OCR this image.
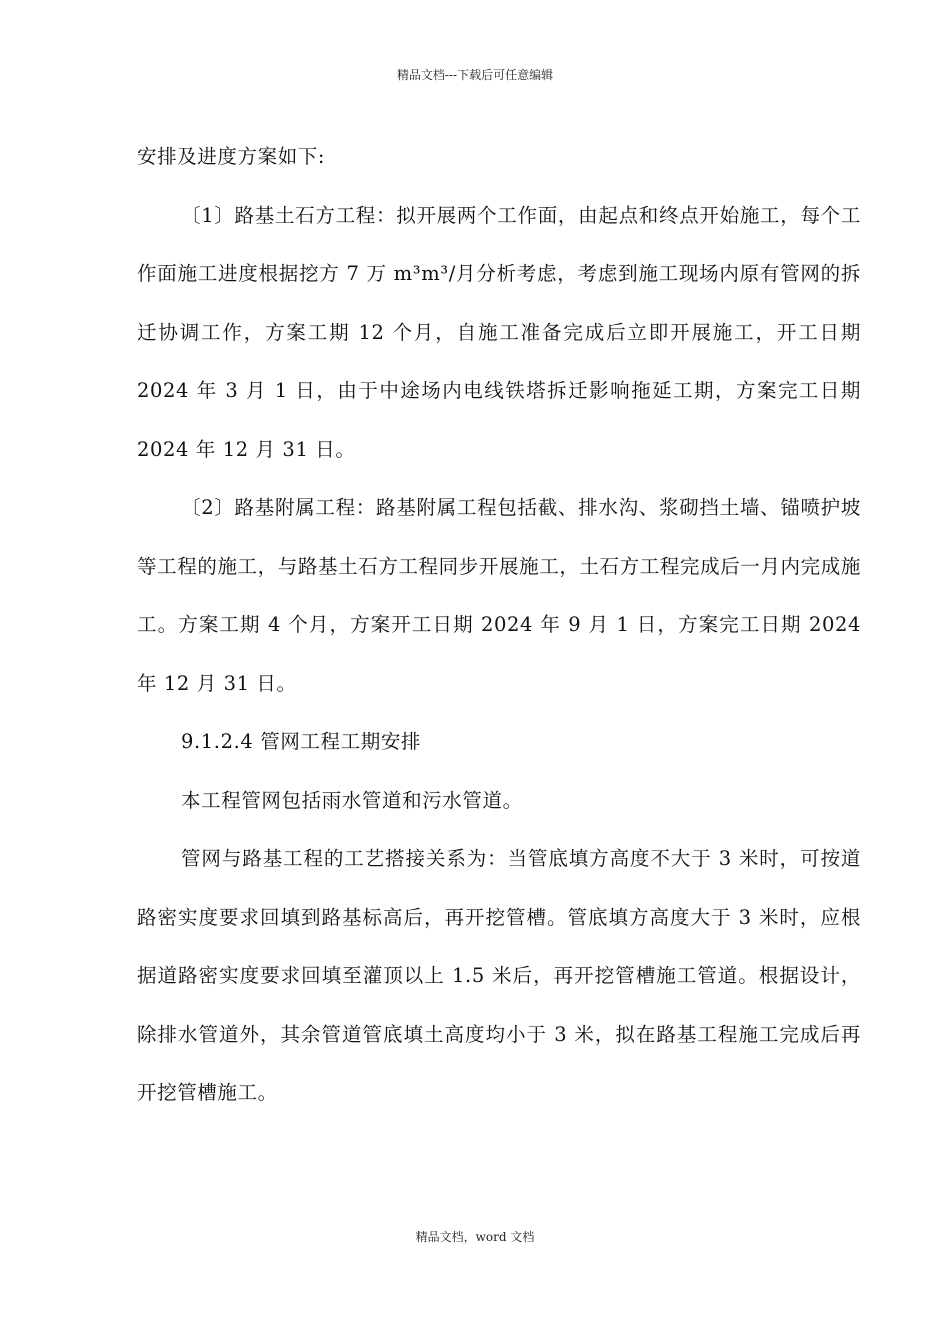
精品文档---下载后可任意编辑

安排及进度方案如下:

〔1〕路基土石方工程：拟开展两个工作面，由起点和终点开始施工，每个工作面施工进度根据挖方 7 万 m³m³/月分析考虑，考虑到施工现场内原有管网的拆迁协调工作，方案工期 12 个月，自施工准备完成后立即开展施工，开工日期 2024 年 3 月 1 日，由于中途场内电线铁塔拆迁影响拖延工期，方案完工日期 2024 年 12 月 31 日。

〔2〕路基附属工程：路基附属工程包括截、排水沟、浆砌挡土墙、锚喷护坡等工程的施工，与路基土石方工程同步开展施工，土石方工程完成后一月内完成施工。方案工期 4 个月，方案开工日期 2024 年 9 月 1 日，方案完工日期 2024 年 12 月 31 日。

9.1.2.4 管网工程工期安排

本工程管网包括雨水管道和污水管道。

管网与路基工程的工艺搭接关系为：当管底填方高度不大于 3 米时，可按道路密实度要求回填到路基标高后，再开挖管槽。管底填方高度大于 3 米时，应根据道路密实度要求回填至灌顶以上 1.5 米后，再开挖管槽施工管道。根据设计，除排水管道外，其余管道管底填土高度均小于 3 米，拟在路基工程施工完成后再开挖管槽施工。

精品文档，word 文档
